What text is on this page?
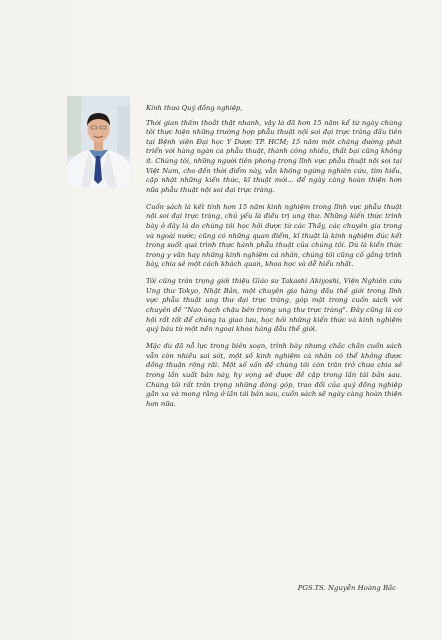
Kính thưa Quý đồng nghiệp,

Thời gian thấm thoắt thật nhanh, vậy là đã hơn 15 năm kể từ ngày chúng tôi thực hiện những trường hợp phẫu thuật nội soi đại trực tràng đầu tiên tại Bệnh viện Đại học Y Dược TP. HCM; 15 năm một chặng đường phát triển với hàng ngàn ca phẫu thuật, thành công nhiều, thất bại cũng không ít. Chúng tôi, những người tiên phong trong lĩnh vực phẫu thuật nội soi tại Việt Nam, cho đến thời điểm này, vẫn không ngừng nghiên cứu, tìm hiểu, cập nhật những kiến thức, kĩ thuật mới... để ngày càng hoàn thiện hơn nữa phẫu thuật nội soi đại trực tràng.

Cuốn sách là kết tinh hơn 15 năm kinh nghiệm trong lĩnh vực phẫu thuật nội soi đại trực tràng, chủ yếu là điều trị ung thư. Những kiến thức trình bày ở đây là do chúng tôi học hỏi được từ các Thầy, các chuyên gia trong và ngoài nước; cũng có những quan điểm, kĩ thuật là kinh nghiệm đúc kết trong suốt quá trình thực hành phẫu thuật của chúng tôi. Dù là kiến thức trong y văn hay những kinh nghiệm cá nhân, chúng tôi cũng cố gắng trình bày, chia sẻ một cách khách quan, khoa học và dễ hiểu nhất.

Tôi cũng trân trọng giới thiệu Giáo sư Takashi Akiyoshi, Viện Nghiên cứu Ung thư Tokyo, Nhật Bản, một chuyên gia hàng đầu thế giới trong lĩnh vực phẫu thuật ung thư đại trực tràng, góp mặt trong cuốn sách với chuyên đề "Nạo hạch chậu bên trong ung thư trực tràng". Đây cũng là cơ hội rất tốt để chúng ta giao lưu, học hỏi những kiến thức và kinh nghiệm quý báu từ một nền ngoại khoa hàng đầu thế giới.

Mặc dù đã nỗ lực trong biên soạn, trình bày nhưng chắc chắn cuốn sách vẫn còn nhiều sai sót, một số kinh nghiệm cá nhân có thể không được đồng thuận rộng rãi. Một số vấn đề chúng tôi còn trăn trở chưa chia sẻ trong lần xuất bản này, hy vọng sẽ được đề cập trong lần tái bản sau. Chúng tôi rất trân trọng những đóng góp, trao đổi của quý đồng nghiệp gần xa và mong rằng ở lần tái bản sau, cuốn sách sẽ ngày càng hoàn thiện hơn nữa.

PGS.TS. Nguyễn Hoàng Bắc
